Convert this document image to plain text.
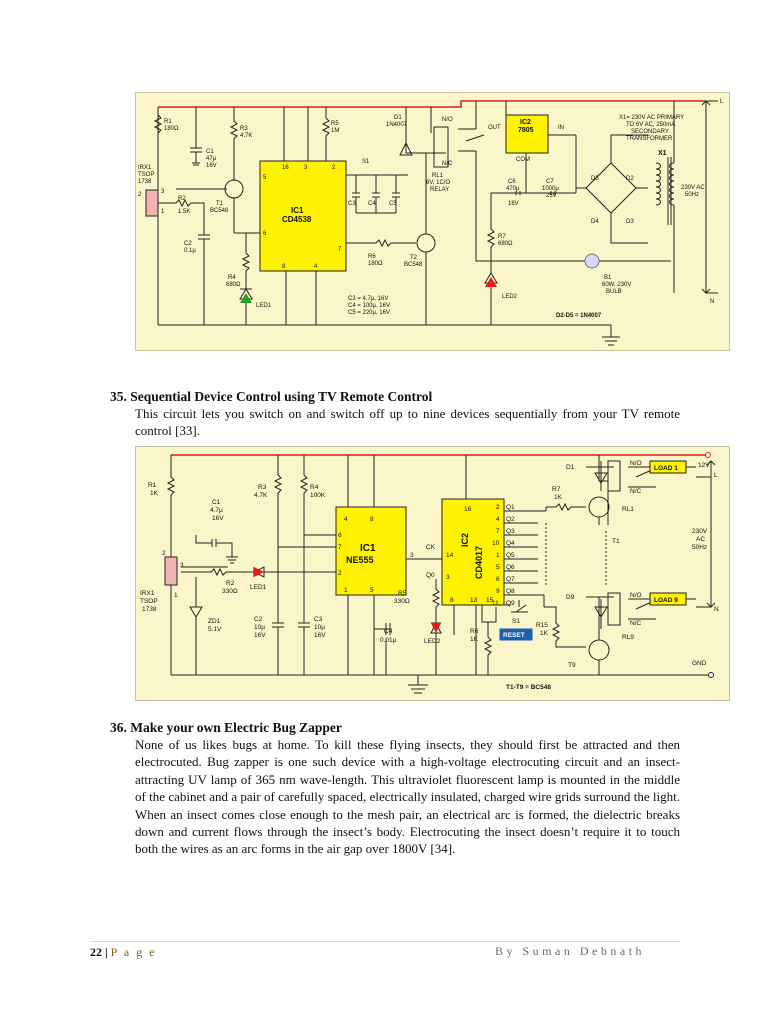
R1
180Ω
C1
47µ
16V
R3
4.7K
R5
1M
IRX1
TSOP
1738
2	3
1
T1
BC548
R2
1.5K
C2
0.1µ
R4
680Ω
LED1
IC1
CD4538
16	3	2
5
6
7
8	4
S1
C3 C4 C5
R6
180Ω
T2
BC548
D1
1N4007
N/O
N/C
RL1
6V, 1C/O
RELAY
OUT	IN
IC2
7805
COM
C6
470µ
C7
1000µ
25V
16V
R7
680Ω
LED2
D5	D2
D4	D3
X1= 230V AC PRIMARY
TO 6V AC, 250mA
SECONDARY
TRANSFORMER
X1
230V AC
50Hz
B1
60W, 230V
BULB
L
N
C3 = 4.7µ, 16V
C4 = 100µ, 16V
C5 = 220µ, 16V	D2-D5 = 1N4007
35. Sequential Device Control using TV Remote Control
This circuit lets you switch on and switch off up to nine devices sequentially from your TV remote control [33].
R1
1K
C1
4.7µ
16V
R3
4.7K
R4
100K
IC1
NE555
4	8
6
7
2
1	5
3
IC2
CD4017
16
14
3
8	13 15
CK
Q0
Q1
Q2
Q3
Q4
Q5
Q6
Q7
Q8
Q9
2
4
7
10
1
5
6
9
11
IRX1
TSOP
1738
2
3
1
R2
330Ω
LED1
ZD1
5.1V
C2
10µ
16V
C3
10µ
16V
C4
0.01µ
R5
330Ω
LED2
R6
1K
S1
RESET
R15
1K
R7
1K
D1
D9
RL1
RL9
T1
T9
N/O
N/C
N/O
N/C
LOAD 1
LOAD 9
12V
L
N
230V
AC
50Hz
GND
T1-T9 = BC548
36. Make your own Electric Bug Zapper
None of us likes bugs at home. To kill these flying insects, they should first be attracted and then electrocuted. Bug zapper is one such device with a high-voltage electrocuting circuit and an insect-attracting UV lamp of 365 nm wave-length. This ultraviolet fluorescent lamp is mounted in the middle of the cabinet and a pair of carefully spaced, electrically insulated, charged wire grids surround the light. When an insect comes close enough to the mesh pair, an electrical arc is formed, the dielectric breaks down and current flows through the insect’s body. Electrocuting the insect doesn’t require it to touch both the wires as an arc forms in the air gap over 1800V [34].
22 | P a g e	By Suman Debnath
